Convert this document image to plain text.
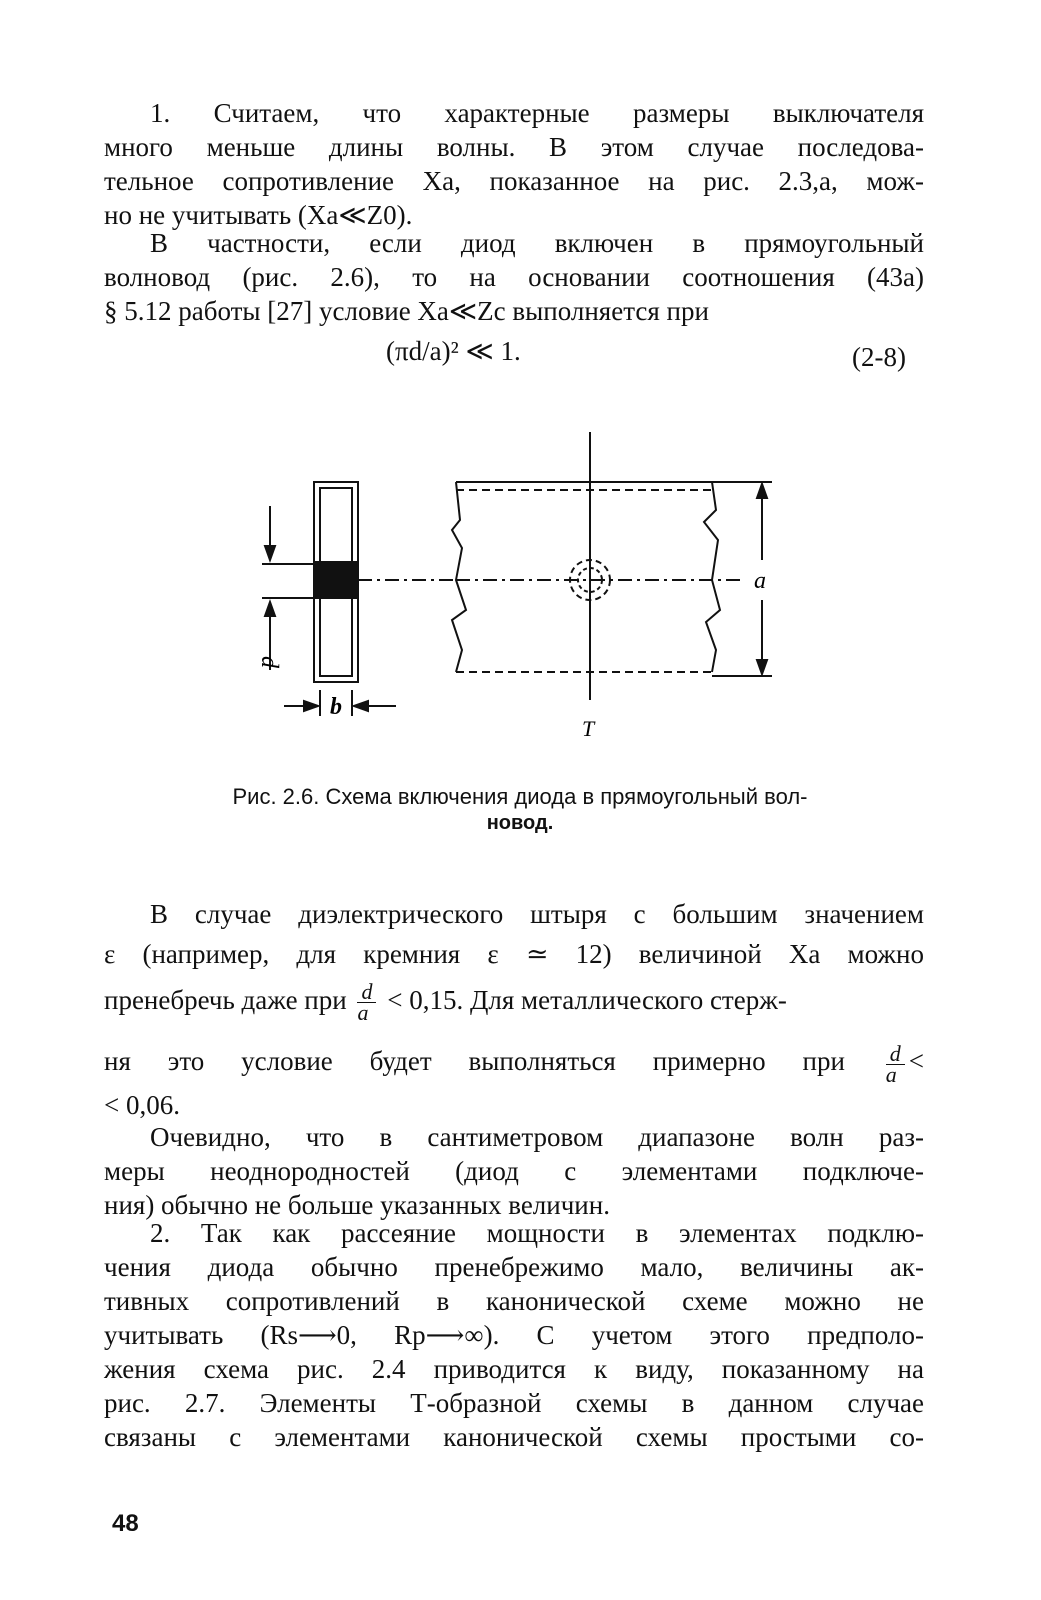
1. Считаем, что характерные размеры выключателя
много меньше длины волны. В этом случае последова-
тельное сопротивление Xa, показанное на рис. 2.3,a, мож-
но не учитывать (Xa≪Z0).
В частности, если диод включен в прямоугольный
волновод (рис. 2.6), то на основании соотношения (43а)
§ 5.12 работы [27] условие Xa≪Zc выполняется при
(πd/a)² ≪ 1.	(2-8)
d
b
a
T
Рис. 2.6. Схема включения диода в прямоугольный вол-
новод.
В случае диэлектрического штыря с большим значением
ε (например, для кремния ε ≃ 12) величиной Xa можно
пренебречь даже при $\frac{d}{a} < 0,15$. Для металлического стерж-
ня это условие будет выполняться примерно при $\frac{d}{a}$ <
< 0,06.
Очевидно, что в сантиметровом диапазоне волн раз-
меры неоднородностей (диод с элементами подключе-
ния) обычно не больше указанных величин.
2. Так как рассеяние мощности в элементах подклю-
чения диода обычно пренебрежимо мало, величины ак-
тивных сопротивлений в канонической схеме можно не
учитывать (Rs⟶0, Rp⟶∞). С учетом этого предполо-
жения схема рис. 2.4 приводится к виду, показанному на
рис. 2.7. Элементы Т-образной схемы в данном случае
связаны с элементами канонической схемы простыми со-
48
